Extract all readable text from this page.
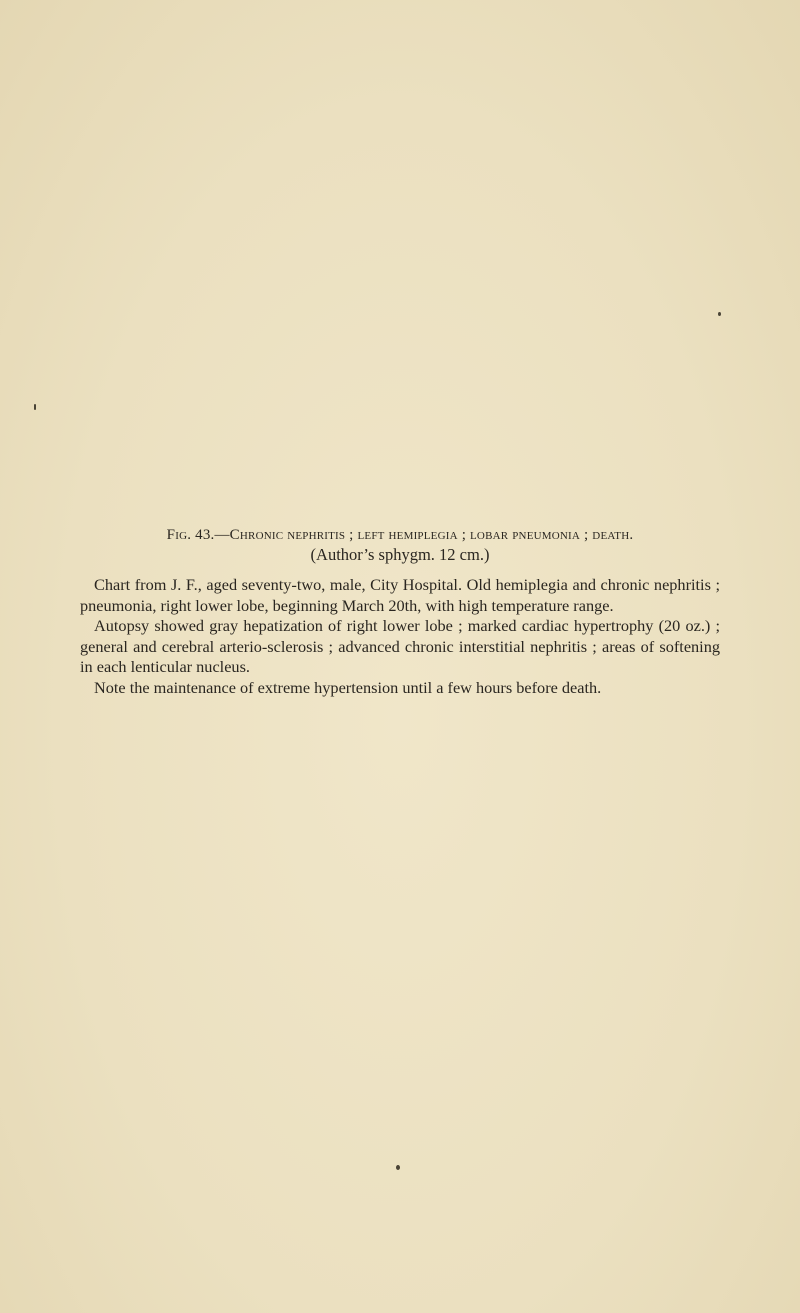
Fig. 43.—Chronic nephritis ; left hemiplegia ; lobar pneumonia ; death.
(Author’s sphygm. 12 cm.)

Chart from J. F., aged seventy-two, male, City Hospital. Old hemiplegia and chronic nephritis ; pneumonia, right lower lobe, beginning March 20th, with high temperature range.

Autopsy showed gray hepatization of right lower lobe ; marked cardiac hypertrophy (20 oz.) ; general and cerebral arterio-sclerosis ; advanced chronic interstitial nephritis ; areas of softening in each lenticular nucleus.

Note the maintenance of extreme hypertension until a few hours before death.
